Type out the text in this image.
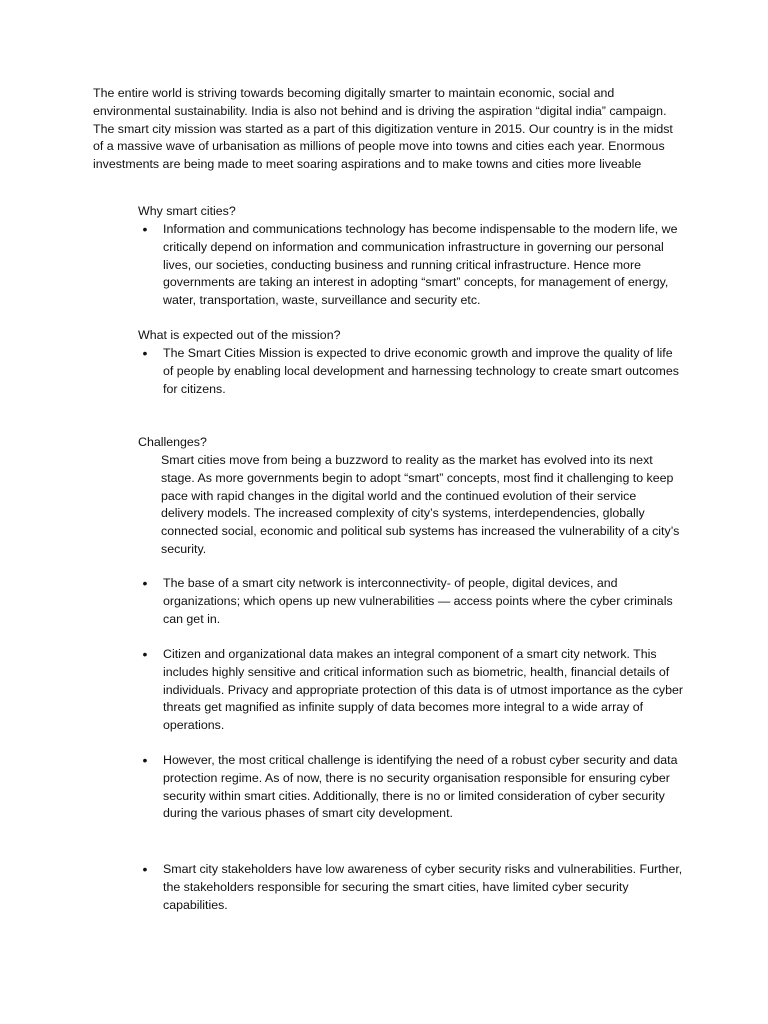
The entire world is striving towards becoming digitally smarter to maintain economic, social and environmental sustainability. India is also not behind and is driving the aspiration “digital india” campaign. The smart city mission was started as a part of this digitization venture in 2015. Our country is in the midst of a massive wave of urbanisation as millions of people move into towns and cities each year. Enormous investments are being made to meet soaring aspirations and to make towns and cities more liveable

Why smart cities?

•	Information and communications technology has become indispensable to the modern life, we critically depend on information and communication infrastructure in governing our personal lives, our societies, conducting business and running critical infrastructure. Hence more governments are taking an interest in adopting “smart” concepts, for management of energy, water, transportation, waste, surveillance and security etc.

What is expected out of the mission?

•	The Smart Cities Mission is expected to drive economic growth and improve the quality of life of people by enabling local development and harnessing technology to create smart outcomes for citizens.

Challenges?

Smart cities move from being a buzzword to reality as the market has evolved into its next stage. As more governments begin to adopt “smart” concepts, most find it challenging to keep pace with rapid changes in the digital world and the continued evolution of their service delivery models. The increased complexity of city’s systems, interdependencies, globally connected social, economic and political sub systems has increased the vulnerability of a city’s security.

•	The base of a smart city network is interconnectivity- of people, digital devices, and organizations; which opens up new vulnerabilities — access points where the cyber criminals can get in.

•	Citizen and organizational data makes an integral component of a smart city network. This includes highly sensitive and critical information such as biometric, health, financial details of individuals. Privacy and appropriate protection of this data is of utmost importance as the cyber threats get magnified as infinite supply of data becomes more integral to a wide array of operations.

•	However, the most critical challenge is identifying the need of a robust cyber security and data protection regime. As of now, there is no security organisation responsible for ensuring cyber security within smart cities. Additionally, there is no or limited consideration of cyber security during the various phases of smart city development.

•	Smart city stakeholders have low awareness of cyber security risks and vulnerabilities. Further, the stakeholders responsible for securing the smart cities, have limited cyber security capabilities.
